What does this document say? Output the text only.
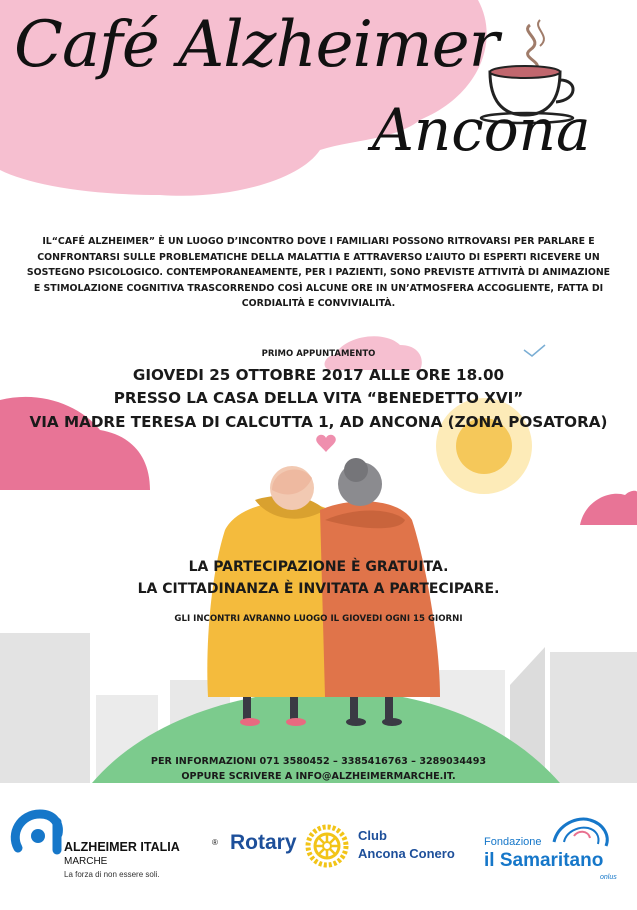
Café Alzheimer
Ancona
IL“CAFÉ ALZHEIMER” È UN LUOGO D’INCONTRO DOVE I FAMILIARI POSSONO RITROVARSI PER PARLARE E CONFRONTARSI SULLE PROBLEMATICHE DELLA MALATTIA E ATTRAVERSO L’AIUTO DI ESPERTI RICEVERE UN SOSTEGNO PSICOLOGICO. CONTEMPORANEAMENTE, PER I PAZIENTI, SONO PREVISTE ATTIVITÀ DI ANIMAZIONE E STIMOLAZIONE COGNITIVA TRASCORRENDO COSÌ ALCUNE ORE IN UN’ATMOSFERA ACCOGLIENTE, FATTA DI CORDIALITÀ E CONVIVIALITÀ.
PRIMO APPUNTAMENTO
GIOVEDI 25 OTTOBRE 2017 ALLE ORE 18.00
PRESSO LA CASA DELLA VITA “BENEDETTO XVI”
VIA MADRE TERESA DI CALCUTTA 1, AD ANCONA (ZONA POSATORA)
LA PARTECIPAZIONE È GRATUITA.
LA CITTADINANZA È INVITATA A PARTECIPARE.
GLI INCONTRI AVRANNO LUOGO IL GIOVEDI OGNI 15 GIORNI
PER INFORMAZIONI 071 3580452 – 3385416763 – 3289034493
OPPURE SCRIVERE A INFO@ALZHEIMERMARCHE.IT.
ALZHEIMER ITALIA	®
MARCHE
La forza di non essere soli.
Rotary	Club
Ancona Conero
Fondazione
il Samaritano
onlus
